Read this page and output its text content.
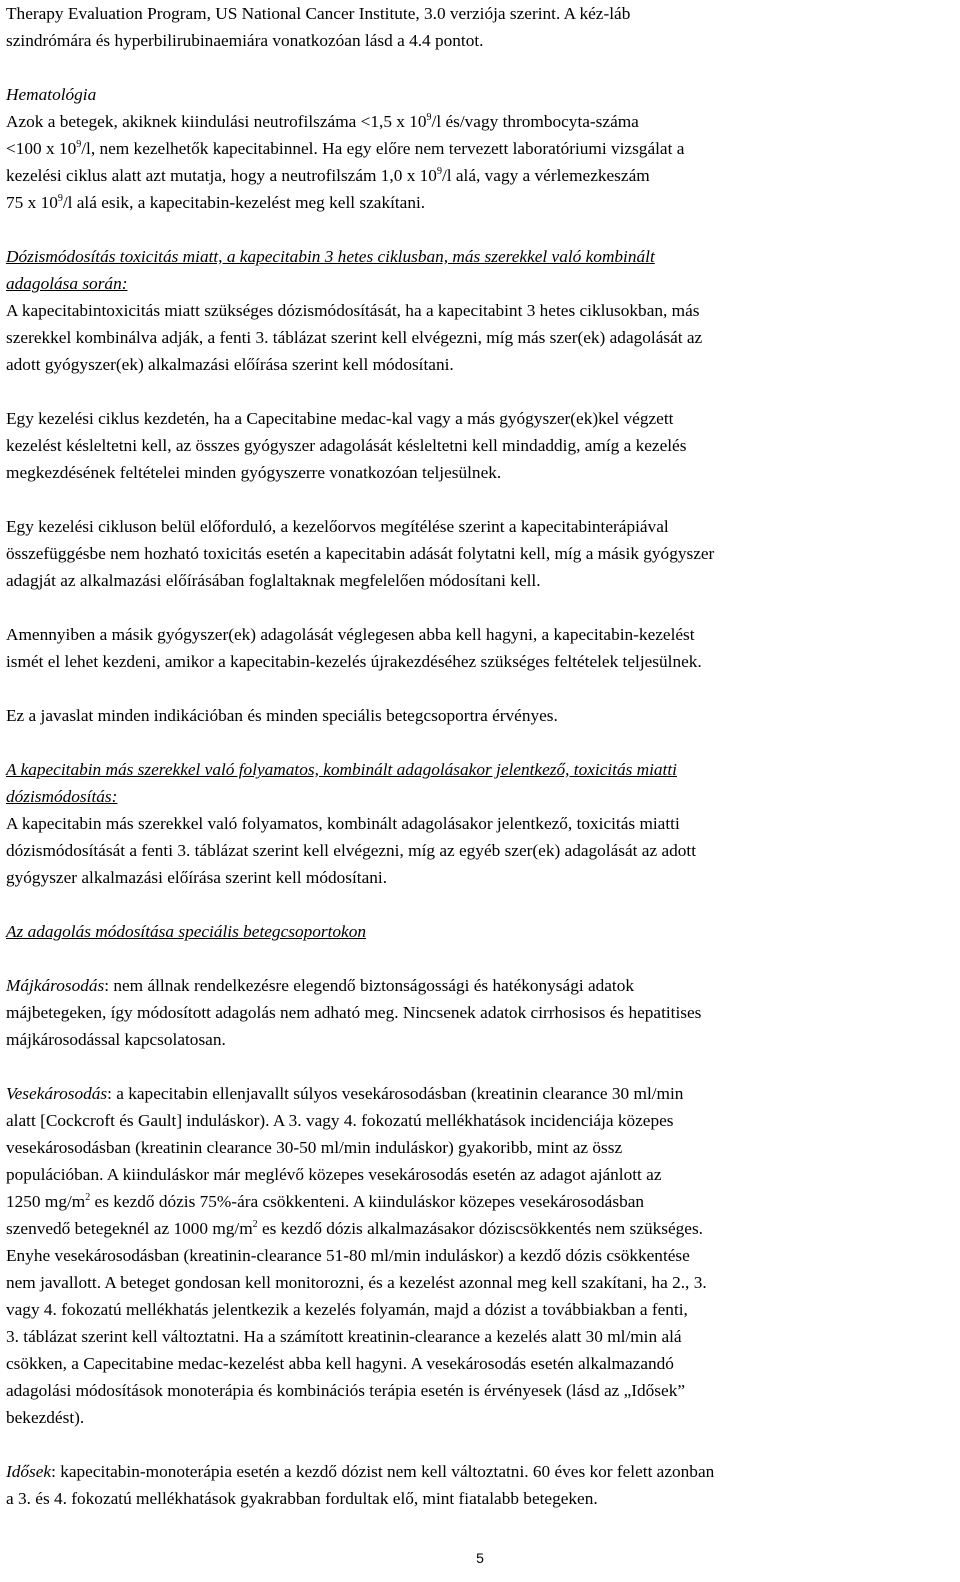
Therapy Evaluation Program, US National Cancer Institute, 3.0 verziója szerint. A kéz-láb

szindrómára és hyperbilirubinaemiára vonatkozóan lásd a 4.4 pontot.

Hematológia

Azok a betegek, akiknek kiindulási neutrofilszáma <1,5 x $10^9/l$ és/vagy thrombocyta-száma

<100 x $10^9/l$, nem kezelhetők kapecitabinnel. Ha egy előre nem tervezett laboratóriumi vizsgálat a

kezelési ciklus alatt azt mutatja, hogy a neutrofilszám 1,0 x $10^9/l$ alá, vagy a vérlemezkeszám

75 x $10^9/l$ alá esik, a kapecitabin-kezelést meg kell szakítani.

Dózismódosítás toxicitás miatt, a kapecitabin 3 hetes ciklusban, más szerekkel való kombinált

adagolása során:

A kapecitabintoxicitás miatt szükséges dózismódosítását, ha a kapecitabint 3 hetes ciklusokban, más

szerekkel kombinálva adják, a fenti 3. táblázat szerint kell elvégezni, míg más szer(ek) adagolását az

adott gyógyszer(ek) alkalmazási előírása szerint kell módosítani.

Egy kezelési ciklus kezdetén, ha a Capecitabine medac-kal vagy a más gyógyszer(ek)kel végzett

kezelést késleltetni kell, az összes gyógyszer adagolását késleltetni kell mindaddig, amíg a kezelés

megkezdésének feltételei minden gyógyszerre vonatkozóan teljesülnek.

Egy kezelési cikluson belül előforduló, a kezelőorvos megítélése szerint a kapecitabinterápiával

összefüggésbe nem hozható toxicitás esetén a kapecitabin adását folytatni kell, míg a másik gyógyszer

adagját az alkalmazási előírásában foglaltaknak megfelelően módosítani kell.

Amennyiben a másik gyógyszer(ek) adagolását véglegesen abba kell hagyni, a kapecitabin-kezelést

ismét el lehet kezdeni, amikor a kapecitabin-kezelés újrakezdéséhez szükséges feltételek teljesülnek.

Ez a javaslat minden indikációban és minden speciális betegcsoportra érvényes.

A kapecitabin más szerekkel való folyamatos, kombinált adagolásakor jelentkező, toxicitás miatti

dózismódosítás:

A kapecitabin más szerekkel való folyamatos, kombinált adagolásakor jelentkező, toxicitás miatti

dózismódosítását a fenti 3. táblázat szerint kell elvégezni, míg az egyéb szer(ek) adagolását az adott

gyógyszer alkalmazási előírása szerint kell módosítani.

Az adagolás módosítása speciális betegcsoportokon

Májkárosodás: nem állnak rendelkezésre elegendő biztonságossági és hatékonysági adatok

májbetegeken, így módosított adagolás nem adható meg. Nincsenek adatok cirrhosisos és hepatitises

májkárosodással kapcsolatosan.

Vesekárosodás: a kapecitabin ellenjavallt súlyos vesekárosodásban (kreatinin clearance 30 ml/min

alatt [Cockcroft és Gault] induláskor). A 3. vagy 4. fokozatú mellékhatások incidenciája közepes

vesekárosodásban (kreatinin clearance 30-50 ml/min induláskor) gyakoribb, mint az össz

populációban. A kiinduláskor már meglévő közepes vesekárosodás esetén az adagot ajánlott az

1250 $mg/m^2$ es kezdő dózis 75%-ára csökkenteni. A kiinduláskor közepes vesekárosodásban

szenvedő betegeknél az 1000 $mg/m^2$ es kezdő dózis alkalmazásakor dóziscsökkentés nem szükséges.

Enyhe vesekárosodásban (kreatinin-clearance 51-80 ml/min induláskor) a kezdő dózis csökkentése

nem javallott. A beteget gondosan kell monitorozni, és a kezelést azonnal meg kell szakítani, ha 2., 3.

vagy 4. fokozatú mellékhatás jelentkezik a kezelés folyamán, majd a dózist a továbbiakban a fenti,

3. táblázat szerint kell változtatni. Ha a számított kreatinin-clearance a kezelés alatt 30 ml/min alá

csökken, a Capecitabine medac-kezelést abba kell hagyni. A vesekárosodás esetén alkalmazandó

adagolási módosítások monoterápia és kombinációs terápia esetén is érvényesek (lásd az „Idősek”

bekezdést).

Idősek: kapecitabin-monoterápia esetén a kezdő dózist nem kell változtatni. 60 éves kor felett azonban

a 3. és 4. fokozatú mellékhatások gyakrabban fordultak elő, mint fiatalabb betegeken.

5
